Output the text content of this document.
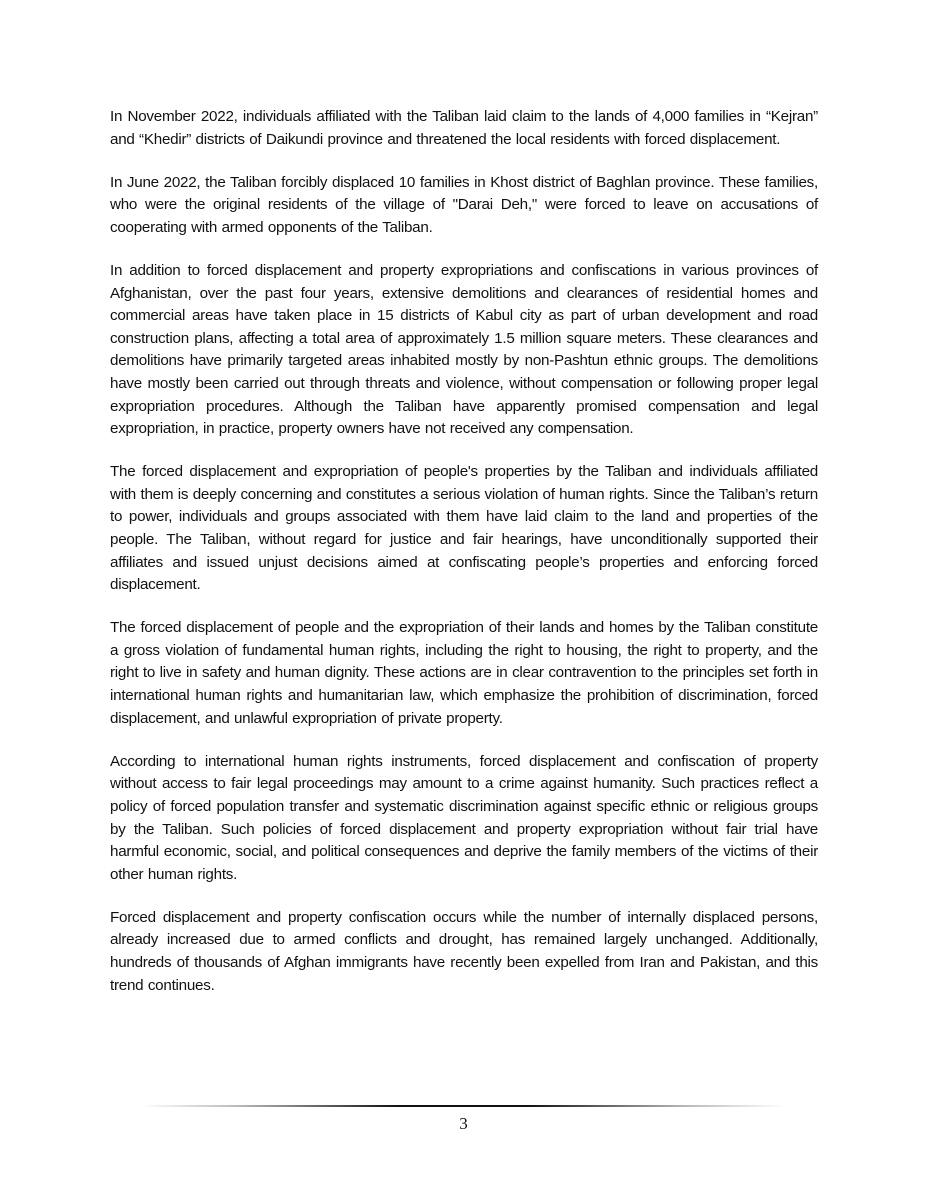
In November 2022, individuals affiliated with the Taliban laid claim to the lands of 4,000 families in “Kejran” and “Khedir” districts of Daikundi province and threatened the local residents with forced displacement.

In June 2022, the Taliban forcibly displaced 10 families in Khost district of Baghlan province. These families, who were the original residents of the village of "Darai Deh," were forced to leave on accusations of cooperating with armed opponents of the Taliban.

In addition to forced displacement and property expropriations and confiscations in various provinces of Afghanistan, over the past four years, extensive demolitions and clearances of residential homes and commercial areas have taken place in 15 districts of Kabul city as part of urban development and road construction plans, affecting a total area of approximately 1.5 million square meters. These clearances and demolitions have primarily targeted areas inhabited mostly by non-Pashtun ethnic groups. The demolitions have mostly been carried out through threats and violence, without compensation or following proper legal expropriation procedures. Although the Taliban have apparently promised compensation and legal expropriation, in practice, property owners have not received any compensation.

The forced displacement and expropriation of people's properties by the Taliban and individuals affiliated with them is deeply concerning and constitutes a serious violation of human rights. Since the Taliban’s return to power, individuals and groups associated with them have laid claim to the land and properties of the people. The Taliban, without regard for justice and fair hearings, have unconditionally supported their affiliates and issued unjust decisions aimed at confiscating people’s properties and enforcing forced displacement.

The forced displacement of people and the expropriation of their lands and homes by the Taliban constitute a gross violation of fundamental human rights, including the right to housing, the right to property, and the right to live in safety and human dignity. These actions are in clear contravention to the principles set forth in international human rights and humanitarian law, which emphasize the prohibition of discrimination, forced displacement, and unlawful expropriation of private property.

According to international human rights instruments, forced displacement and confiscation of property without access to fair legal proceedings may amount to a crime against humanity. Such practices reflect a policy of forced population transfer and systematic discrimination against specific ethnic or religious groups by the Taliban. Such policies of forced displacement and property expropriation without fair trial have harmful economic, social, and political consequences and deprive the family members of the victims of their other human rights.

Forced displacement and property confiscation occurs while the number of internally displaced persons, already increased due to armed conflicts and drought, has remained largely unchanged. Additionally, hundreds of thousands of Afghan immigrants have recently been expelled from Iran and Pakistan, and this trend continues.

3
